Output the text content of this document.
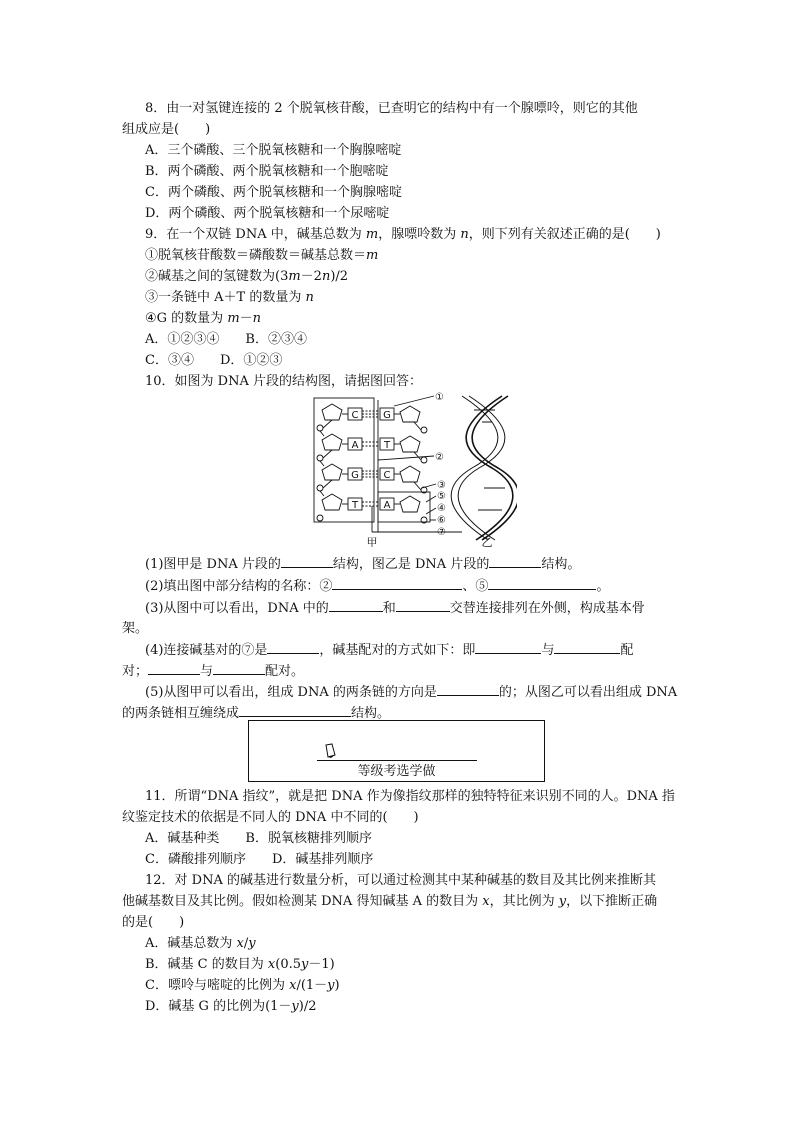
8．由一对氢键连接的 2 个脱氧核苷酸，已查明它的结构中有一个腺嘌呤，则它的其他
组成应是(　　)
A．三个磷酸、三个脱氧核糖和一个胸腺嘧啶
B．两个磷酸、两个脱氧核糖和一个胞嘧啶
C．两个磷酸、两个脱氧核糖和一个胸腺嘧啶
D．两个磷酸、两个脱氧核糖和一个尿嘧啶
9．在一个双链 DNA 中，碱基总数为 m，腺嘌呤数为 n，则下列有关叙述正确的是(　　)
①脱氧核苷酸数＝磷酸数＝碱基总数＝m
②碱基之间的氢键数为(3m－2n)/2
③一条链中 A＋T 的数量为 n
④G 的数量为 m－n
A．①②③④　　B．②③④
C．③④　　D．①②③
10．如图为 DNA 片段的结构图，请据图回答：
C G
A	T
G C
T	A
①
②
③
⑤
④
⑥
⑦
甲	乙
(1)图甲是 DNA 片段的	结构，图乙是 DNA 片段的	结构。
(2)填出图中部分结构的名称：②	、⑤	。
(3)从图中可以看出，DNA 中的	和	交替连接排列在外侧，构成基本骨
架。
(4)连接碱基对的⑦是	，碱基配对的方式如下：即	与	配
对；	与	配对。
(5)从图甲可以看出，组成 DNA 的两条链的方向是	的；从图乙可以看出组成 DNA
的两条链相互缠绕成	结构。
等级考选学做
11．所谓“DNA 指纹”，就是把 DNA 作为像指纹那样的独特特征来识别不同的人。DNA 指
纹鉴定技术的依据是不同人的 DNA 中不同的(　　)
A．碱基种类　　B．脱氧核糖排列顺序
C．磷酸排列顺序　　D．碱基排列顺序
12．对 DNA 的碱基进行数量分析，可以通过检测其中某种碱基的数目及其比例来推断其
他碱基数目及其比例。假如检测某 DNA 得知碱基 A 的数目为 x，其比例为 y，以下推断正确
的是(　　)
A．碱基总数为 x/y
B．碱基 C 的数目为 x(0.5y－1)
C．嘌呤与嘧啶的比例为 x/(1－y)
D．碱基 G 的比例为(1－y)/2
